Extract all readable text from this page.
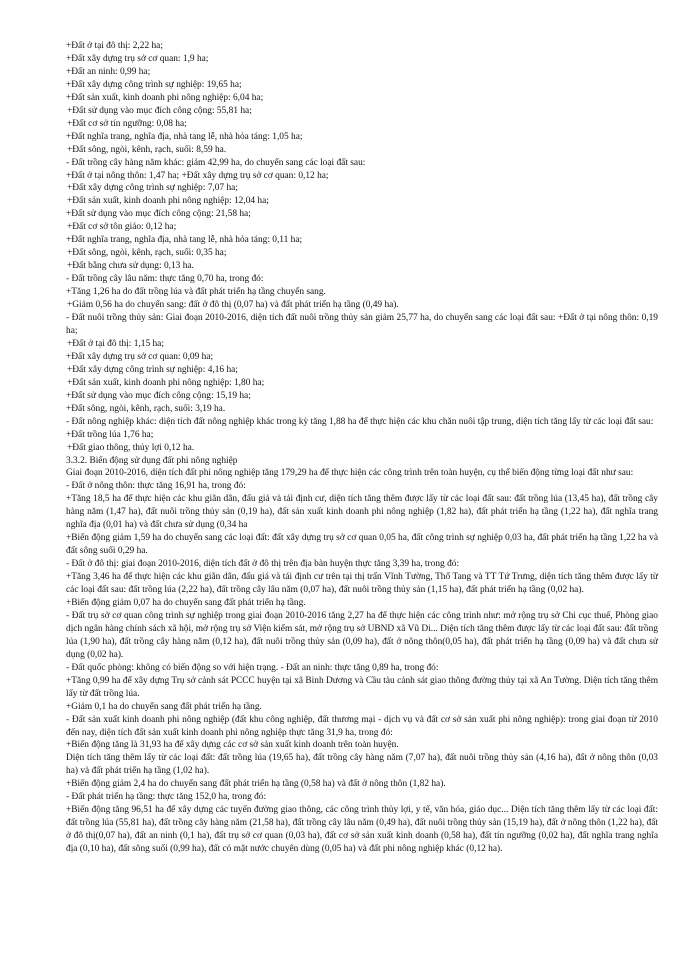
+Đất ở tại đô thị: 2,22 ha;
+Đất xây dựng trụ sở cơ quan: 1,9 ha;
+Đất an ninh: 0,99 ha;
+Đất xây dựng công trình sự nghiệp: 19,65 ha;
+Đất sản xuất, kinh doanh phi nông nghiệp: 6,04 ha;
+Đất sử dụng vào mục đích công cộng: 55,81 ha;
+Đất cơ sở tín ngưỡng: 0,08 ha;
+Đất nghĩa trang, nghĩa địa, nhà tang lễ, nhà hỏa táng: 1,05 ha;
+Đất sông, ngòi, kênh, rạch, suối: 8,59 ha.
- Đất trồng cây hàng năm khác: giảm 42,99 ha, do chuyển sang các loại đất sau:
+Đất ở tại nông thôn: 1,47 ha; +Đất xây dựng trụ sở cơ quan: 0,12 ha;
+Đất xây dựng công trình sự nghiệp: 7,07 ha;
+Đất sản xuất, kinh doanh phi nông nghiệp: 12,04 ha;
+Đất sử dụng vào mục đích công cộng: 21,58 ha;
+Đất cơ sở tôn giáo: 0,12 ha;
+Đất nghĩa trang, nghĩa địa, nhà tang lễ, nhà hỏa táng: 0,11 ha;
+Đất sông, ngòi, kênh, rạch, suối: 0,35 ha;
+Đất bằng chưa sử dụng: 0,13 ha.
- Đất trồng cây lâu năm: thực tăng 0,70 ha, trong đó:
+Tăng 1,26 ha do đất trồng lúa và đất phát triển hạ tầng chuyển sang.
+Giảm 0,56 ha do chuyển sang: đất ở đô thị (0,07 ha) và đất phát triển hạ tầng (0,49 ha).
- Đất nuôi trồng thủy sản: Giai đoạn 2010-2016, diện tích đất nuôi trồng thủy sản giảm 25,77 ha, do chuyển sang các loại đất sau: +Đất ở tại nông thôn: 0,19 ha;
+Đất ở tại đô thị: 1,15 ha;
+Đất xây dựng trụ sở cơ quan: 0,09 ha;
+Đất xây dựng công trình sự nghiệp: 4,16 ha;
+Đất sản xuất, kinh doanh phi nông nghiệp: 1,80 ha;
+Đất sử dụng vào mục đích công cộng: 15,19 ha;
+Đất sông, ngòi, kênh, rạch, suối: 3,19 ha.
- Đất nông nghiệp khác: diện tích đất nông nghiệp khác trong kỳ tăng 1,88 ha để thực hiện các khu chăn nuôi tập trung, diện tích tăng lấy từ các loại đất sau:
+Đất trồng lúa 1,76 ha;
+Đất giao thông, thủy lợi 0,12 ha.
3.3.2. Biến động sử dụng đất phi nông nghiệp
Giai đoạn 2010-2016, diện tích đất phi nông nghiệp tăng 179,29 ha để thực hiện các công trình trên toàn huyện, cụ thể biến động từng loại đất như sau:
- Đất ở nông thôn: thực tăng 16,91 ha, trong đó:
+Tăng 18,5 ha để thực hiện các khu giãn dân, đấu giá và tái định cư, diện tích tăng thêm được lấy từ các loại đất sau: đất trồng lúa (13,45 ha), đất trồng cây hàng năm (1,47 ha), đất nuôi trồng thủy sản (0,19 ha), đất sản xuất kinh doanh phi nông nghiệp (1,82 ha), đất phát triển hạ tầng (1,22 ha), đất nghĩa trang nghĩa địa (0,01 ha) và đất chưa sử dụng (0,34 ha
+Biến động giảm 1,59 ha do chuyển sang các loại đất: đất xây dựng trụ sở cơ quan 0,05 ha, đất công trình sự nghiệp 0,03 ha, đất phát triển hạ tầng 1,22 ha và đất sông suối 0,29 ha.
- Đất ở đô thị: giai đoạn 2010-2016, diện tích đất ở đô thị trên địa bàn huyện thực tăng 3,39 ha, trong đó:
+Tăng 3,46 ha để thực hiện các khu giãn dân, đấu giá và tái định cư trên tại thị trấn Vĩnh Tường, Thổ Tang và TT Tứ Trưng, diện tích tăng thêm được lấy từ các loại đất sau: đất trồng lúa (2,22 ha), đất trồng cây lâu năm (0,07 ha), đất nuôi trồng thủy sản (1,15 ha), đất phát triển hạ tầng (0,02 ha).
+Biến động giảm 0,07 ha do chuyển sang đất phát triển hạ tầng.
- Đất trụ sở cơ quan công trình sự nghiệp trong giai đoạn 2010-2016 tăng 2,27 ha để thực hiện các công trình như: mở rộng trụ sở Chi cục thuế, Phòng giao dịch ngân hàng chính sách xã hội, mở rộng trụ sở Viện kiểm sát, mở rộng trụ sở UBND xã Vũ Di... Diện tích tăng thêm được lấy từ các loại đất sau: đất trồng lúa (1,90 ha), đất trồng cây hàng năm (0,12 ha), đất nuôi trồng thủy sản (0,09 ha), đất ở nông thôn(0,05 ha), đất phát triển hạ tầng (0,09 ha) và đất chưa sử dụng (0,02 ha).
- Đất quốc phòng: không có biến động so với hiện trạng. - Đất an ninh: thực tăng 0,89 ha, trong đó:
+Tăng 0,99 ha để xây dựng Trụ sở cảnh sát PCCC huyện tại xã Bình Dương và Cầu tàu cảnh sát giao thông đường thủy tại xã An Tường. Diện tích tăng thêm lấy từ đất trồng lúa.
+Giảm 0,1 ha do chuyển sang đất phát triển hạ tầng.
- Đất sản xuất kinh doanh phi nông nghiệp (đất khu công nghiệp, đất thương mại - dịch vụ và đất cơ sở sản xuất phi nông nghiệp): trong giai đoạn từ 2010 đến nay, diện tích đất sản xuất kinh doanh phi nông nghiệp thực tăng 31,9 ha, trong đó:
+Biến động tăng là 31,93 ha để xây dựng các cơ sở sản xuất kinh doanh trên toàn huyện.
Diện tích tăng thêm lấy từ các loại đất: đất trồng lúa (19,65 ha), đất trồng cây hàng năm (7,07 ha), đất nuôi trồng thủy sản (4,16 ha), đất ở nông thôn (0,03 ha) và đất phát triển hạ tầng (1,02 ha).
+Biến động giảm 2,4 ha do chuyển sang đất phát triển hạ tầng (0,58 ha) và đất ở nông thôn (1,82 ha).
- Đất phát triển hạ tầng: thực tăng 152,0 ha, trong đó:
+Biến động tăng 96,51 ha để xây dựng các tuyến đường giao thông, các công trình thủy lợi, y tế, văn hóa, giáo dục... Diện tích tăng thêm lấy từ các loại đất: đất trồng lúa (55,81 ha), đất trồng cây hàng năm (21,58 ha), đất trồng cây lâu năm (0,49 ha), đất nuôi trồng thủy sản (15,19 ha), đất ở nông thôn (1,22 ha), đất ở đô thị(0,07 ha), đất an ninh (0,1 ha), đất trụ sở cơ quan (0,03 ha), đất cơ sở sản xuất kinh doanh (0,58 ha), đất tín ngưỡng (0,02 ha), đất nghĩa trang nghĩa địa (0,10 ha), đất sông suối (0,99 ha), đất có mặt nước chuyên dùng (0,05 ha) và đất phi nông nghiệp khác (0,12 ha).
